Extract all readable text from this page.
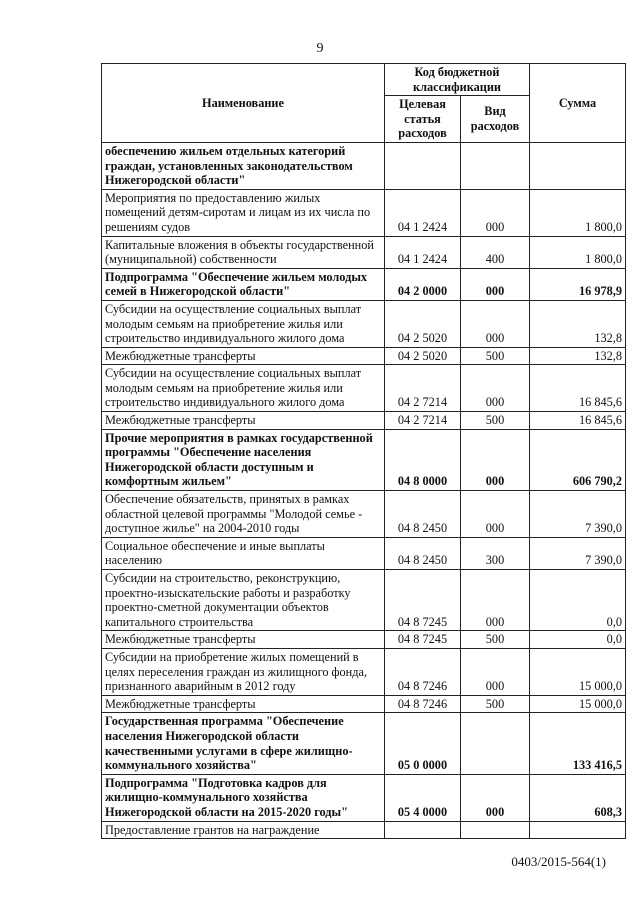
9
Наименование	Код бюджетной классификации		Сумма
	Целевая статья расходов	Вид расходов	
обеспечению жильем отдельных категорий граждан, установленных законодательством Нижегородской области"			
Мероприятия по предоставлению жилых помещений детям-сиротам и лицам из их числа по решениям судов	04 1 2424	000	1 800,0
Капитальные вложения в объекты государственной (муниципальной) собственности	04 1 2424	400	1 800,0
Подпрограмма "Обеспечение жильем молодых семей в Нижегородской области"	04 2 0000	000	16 978,9
Субсидии на осуществление социальных выплат молодым семьям на приобретение жилья или строительство индивидуального жилого дома	04 2 5020	000	132,8
Межбюджетные трансферты	04 2 5020	500	132,8
Субсидии на осуществление социальных выплат молодым семьям на приобретение жилья или строительство индивидуального жилого дома	04 2 7214	000	16 845,6
Межбюджетные трансферты	04 2 7214	500	16 845,6
Прочие мероприятия в рамках государственной программы "Обеспечение населения Нижегородской области доступным и комфортным жильем"	04 8 0000	000	606 790,2
Обеспечение обязательств, принятых в рамках областной целевой программы "Молодой семье - доступное жилье" на 2004-2010 годы	04 8 2450	000	7 390,0
Социальное обеспечение и иные выплаты населению	04 8 2450	300	7 390,0
Субсидии на строительство, реконструкцию, проектно-изыскательские работы и разработку проектно-сметной документации объектов капитального строительства	04 8 7245	000	0,0
Межбюджетные трансферты	04 8 7245	500	0,0
Субсидии на приобретение жилых помещений в целях переселения граждан из жилищного фонда, признанного аварийным в 2012 году	04 8 7246	000	15 000,0
Межбюджетные трансферты	04 8 7246	500	15 000,0
Государственная программа "Обеспечение населения Нижегородской области качественными услугами в сфере жилищно-коммунального хозяйства"	05 0 0000		133 416,5
Подпрограмма "Подготовка кадров для жилищно-коммунального хозяйства Нижегородской области на 2015-2020 годы"	05 4 0000	000	608,3
Предоставление грантов на награждение			
0403/2015-564(1)
